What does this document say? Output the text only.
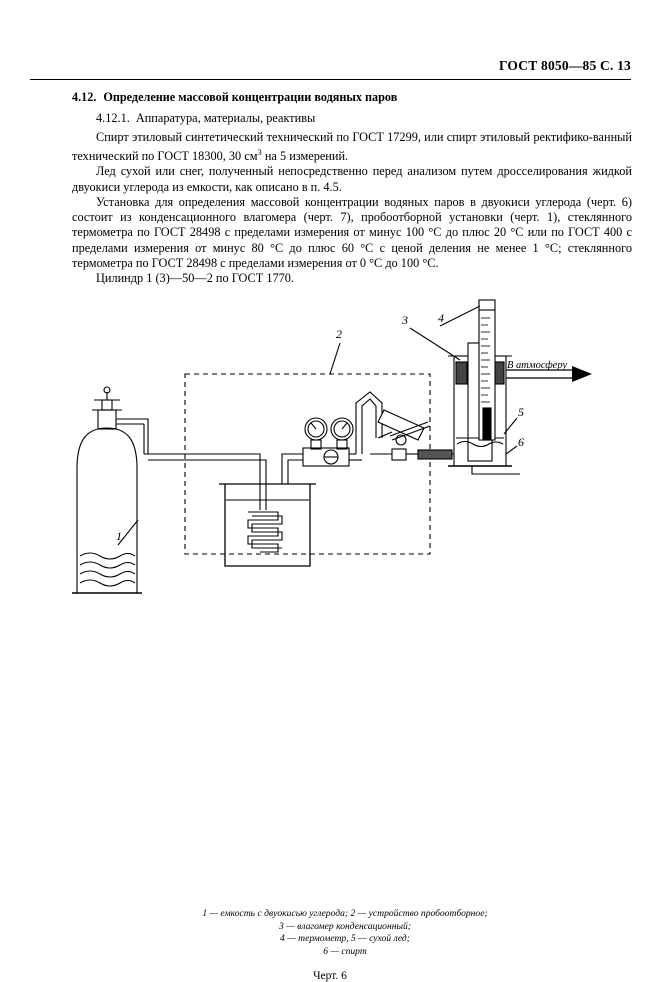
ГОСТ 8050—85 С. 13
4.12. Определение массовой концентрации водяных паров
4.12.1. Аппаратура, материалы, реактивы

Спирт этиловый синтетический технический по ГОСТ 17299, или спирт этиловый ректифико-ванный технический по ГОСТ 18300, 30 $см^3$ на 5 измерений.

Лед сухой или снег, полученный непосредственно перед анализом путем дросселирования жидкой двуокиси углерода из емкости, как описано в п. 4.5.

Установка для определения массовой концентрации водяных паров в двуокиси углерода (черт. 6) состоит из конденсационного влагомера (черт. 7), пробоотборной установки (черт. 1), стеклянного термометра по ГОСТ 28498 с пределами измерения от минус 100 °С до плюс 20 °С или по ГОСТ 400 с пределами измерения от минус 80 °С до плюс 60 °С с ценой деления не менее 1 °С; стеклянного термометра по ГОСТ 28498 с пределами измерения от 0 °С до 100 °С.

Цилиндр 1 (3)—50—2 по ГОСТ 1770.

2
3	4
5
6
1
В атмосферу
1 — емкость с двуокисью углерода; 2 — устройство пробоотборное;
3 — влагомер конденсационный;
4 — термометр, 5 — сухой лед;
6 — спирт
Черт. 6
